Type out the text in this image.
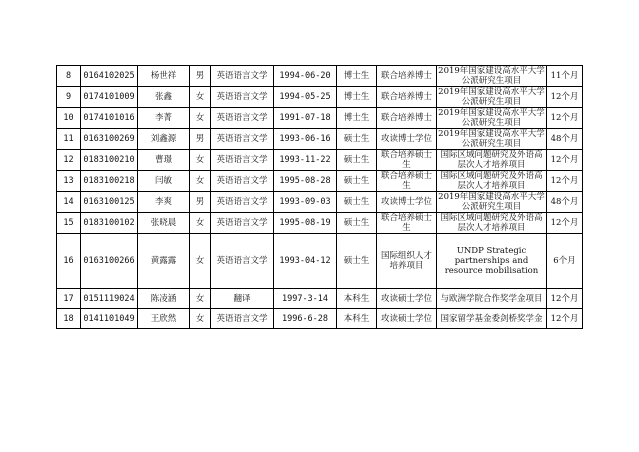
8	0164102025	杨世祥	男	英语语言文学	1994-06-20	博士生	联合培养博士	2019年国家建设高水平大学公派研究生项目	11个月
9	0174101009	张鑫	女	英语语言文学	1994-05-25	博士生	联合培养博士	2019年国家建设高水平大学公派研究生项目	12个月
10	0174101016	李菁	女	英语语言文学	1991-07-18	博士生	联合培养博士	2019年国家建设高水平大学公派研究生项目	12个月
11	0163100269	刘鑫源	男	英语语言文学	1993-06-16	硕士生	攻读博士学位	2019年国家建设高水平大学公派研究生项目	48个月
12	0183100210	曹璟	女	英语语言文学	1993-11-22	硕士生	联合培养硕士生	国际区域问题研究及外语高层次人才培养项目	12个月
13	0183100218	闫敏	女	英语语言文学	1995-08-28	硕士生	联合培养硕士生	国际区域问题研究及外语高层次人才培养项目	12个月
14	0163100125	李爽	男	英语语言文学	1993-09-03	硕士生	攻读博士学位	2019年国家建设高水平大学公派研究生项目	48个月
15	0183100102	张晓晨	女	英语语言文学	1995-08-19	硕士生	联合培养硕士生	国际区域问题研究及外语高层次人才培养项目	12个月
16	0163100266	黄露露	女	英语语言文学	1993-04-12	硕士生	国际组织人才培养项目	UNDP Strategic partnerships and resource mobilisation	6个月
17	0151119024	陈凌涵	女	翻译	1997-3-14	本科生	攻读硕士学位	与欧洲学院合作奖学金项目	12个月
18	0141101049	王欣然	女	英语语言文学	1996-6-28	本科生	攻读硕士学位	国家留学基金委剑桥奖学金	12个月
